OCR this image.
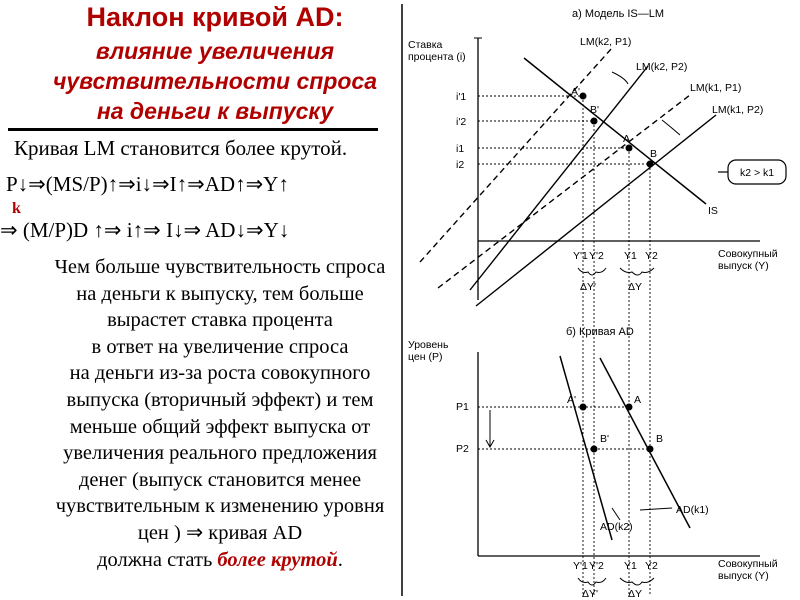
Наклон кривой AD:
влияние увеличения
чувствительности спроса
на деньги к выпуску
Кривая LM становится более крутой.
P↓⇒(MS/P)↑⇒i↓⇒I↑⇒AD↑⇒Y↑
k
⇒ (M/P)D ↑⇒ i↑⇒ I↓⇒ AD↓⇒Y↓
Чем больше чувствительность спроса
на деньги к выпуску, тем больше
вырастет ставка процента
в ответ на увеличение спроса
на деньги из-за роста совокупного
выпуска (вторичный эффект) и тем
меньше общий эффект выпуска от
увеличения реального предложения
денег (выпуск становится менее
чувствительным к изменению уровня
цен ) ⇒ кривая AD
должна стать более крутой.
а) Модель IS—LM
Ставка
процента (i)
Совокупный
выпуск (Y)
LM(k2, P1)
LM(k2, P2)
LM(k1, P1)
LM(k1, P2)
IS
A'
B'
A
B
i'1
i'2
i1
i2
Y'1 Y'2 Y1 Y2
ΔY'	ΔY
k2 > k1
б) Кривая AD
Уровень
цен (P)
Совокупный
выпуск (Y)
AD(k1)
AD(k2)
A'	A
B'	B
P1
P2
Y'1 Y'2 Y1 Y2
ΔY'	ΔY
